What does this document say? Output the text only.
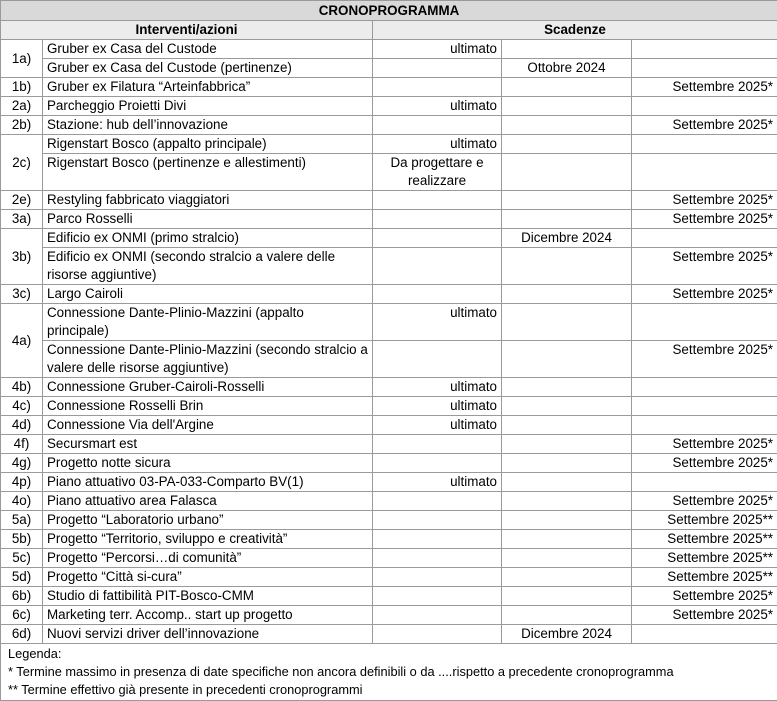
CRONOPROGRAMMA				
Interventi/azioni		Scadenze		
1a)	Gruber ex Casa del Custode	ultimato		
	Gruber ex Casa del Custode (pertinenze)		Ottobre 2024	
1b)	Gruber ex Filatura “Arteinfabbrica”			Settembre 2025*
2a)	Parcheggio Proietti Divi	ultimato		
2b)	Stazione: hub dell’innovazione			Settembre 2025*
2c)	Rigenstart Bosco (appalto principale)	ultimato		
	Rigenstart Bosco (pertinenze e allestimenti)	Da progettare e realizzare		
2e)	Restyling fabbricato viaggiatori			Settembre 2025*
3a)	Parco Rosselli			Settembre 2025*
3b)	Edificio ex ONMI (primo stralcio)		Dicembre 2024	
	Edificio ex ONMI (secondo stralcio a valere delle risorse aggiuntive)			Settembre 2025*
3c)	Largo Cairoli			Settembre 2025*
4a)	Connessione Dante-Plinio-Mazzini (appalto principale)	ultimato		
	Connessione Dante-Plinio-Mazzini (secondo stralcio a valere delle risorse aggiuntive)			Settembre 2025*
4b)	Connessione Gruber-Cairoli-Rosselli	ultimato		
4c)	Connessione Rosselli Brin	ultimato		
4d)	Connessione Via dell'Argine	ultimato		
4f)	Secursmart est			Settembre 2025*
4g)	Progetto notte sicura			Settembre 2025*
4p)	Piano attuativo 03-PA-033-Comparto BV(1)	ultimato		
4o)	Piano attuativo area Falasca			Settembre 2025*
5a)	Progetto “Laboratorio urbano”			Settembre 2025**
5b)	Progetto “Territorio, sviluppo e creatività”			Settembre 2025**
5c)	Progetto “Percorsi…di comunità”			Settembre 2025**
5d)	Progetto “Città si-cura”			Settembre 2025**
6b)	Studio di fattibilità PIT-Bosco-CMM			Settembre 2025*
6c)	Marketing terr. Accomp.. start up progetto			Settembre 2025*
6d)	Nuovi servizi driver dell’innovazione		Dicembre 2024	
Legenda:
* Termine massimo in presenza di date specifiche non ancora definibili o da ....rispetto a precedente cronoprogramma
** Termine effettivo già presente in precedenti cronoprogrammi
